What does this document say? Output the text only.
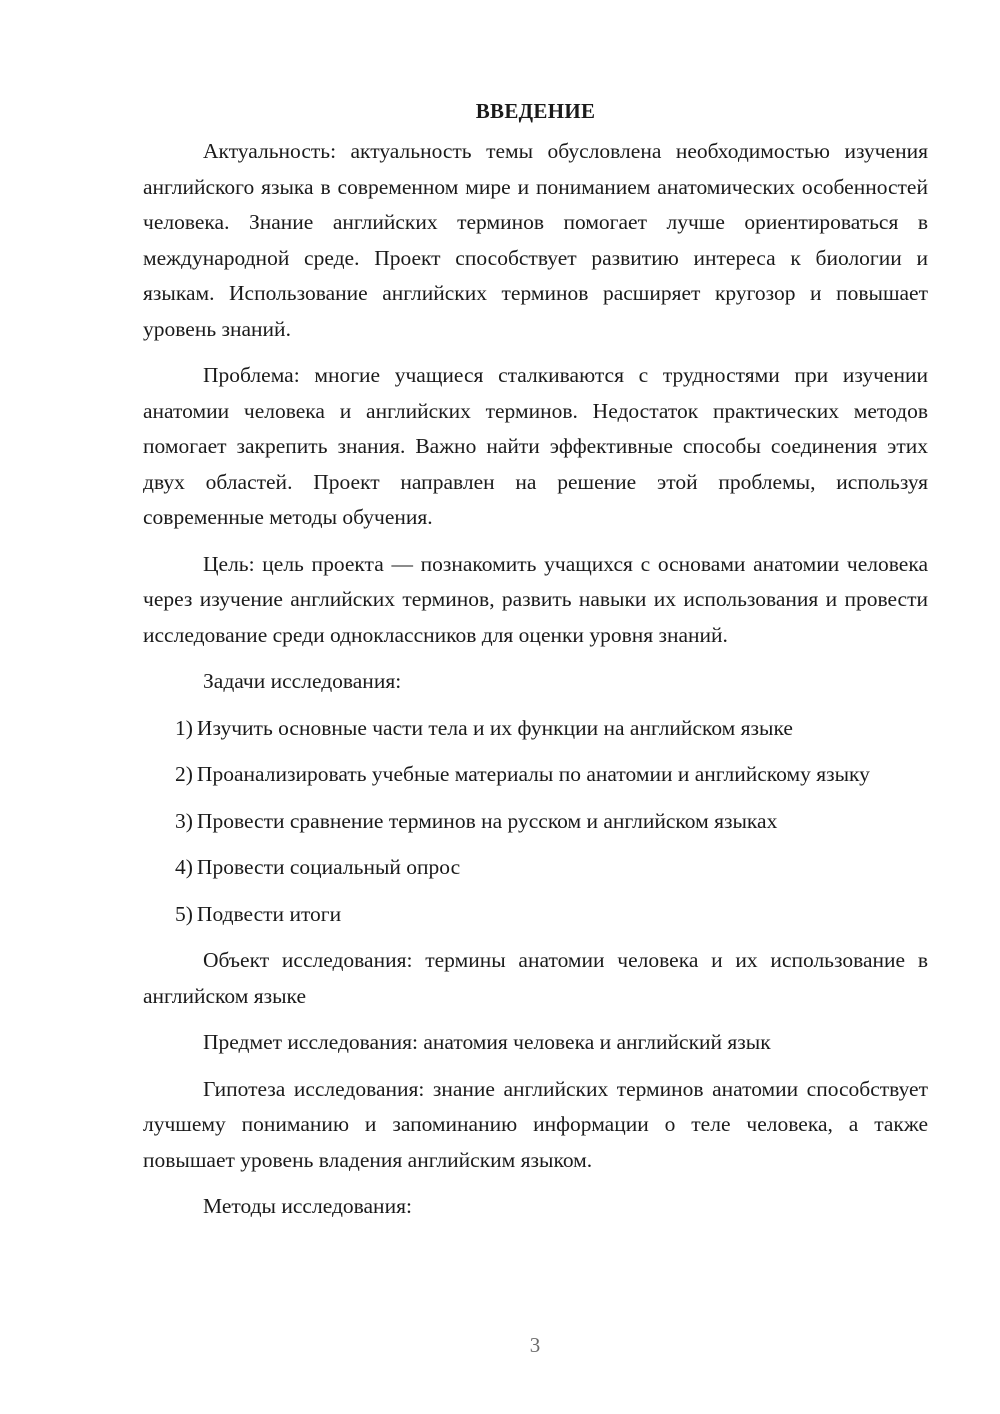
ВВЕДЕНИЕ

Актуальность: актуальность темы обусловлена необходимостью изучения английского языка в современном мире и пониманием анатомических особенностей человека. Знание английских терминов помогает лучше ориентироваться в международной среде. Проект способствует развитию интереса к биологии и языкам. Использование английских терминов расширяет кругозор и повышает уровень знаний.

Проблема: многие учащиеся сталкиваются с трудностями при изучении анатомии человека и английских терминов. Недостаток практических методов помогает закрепить знания. Важно найти эффективные способы соединения этих двух областей. Проект направлен на решение этой проблемы, используя современные методы обучения.

Цель: цель проекта — познакомить учащихся с основами анатомии человека через изучение английских терминов, развить навыки их использования и провести исследование среди одноклассников для оценки уровня знаний.

Задачи исследования:

1) Изучить основные части тела и их функции на английском языке
2) Проанализировать учебные материалы по анатомии и английскому языку
3) Провести сравнение терминов на русском и английском языках
4) Провести социальный опрос
5) Подвести итоги

Объект исследования: термины анатомии человека и их использование в английском языке

Предмет исследования: анатомия человека и английский язык

Гипотеза исследования: знание английских терминов анатомии способствует лучшему пониманию и запоминанию информации о теле человека, а также повышает уровень владения английским языком.

Методы исследования:

3
